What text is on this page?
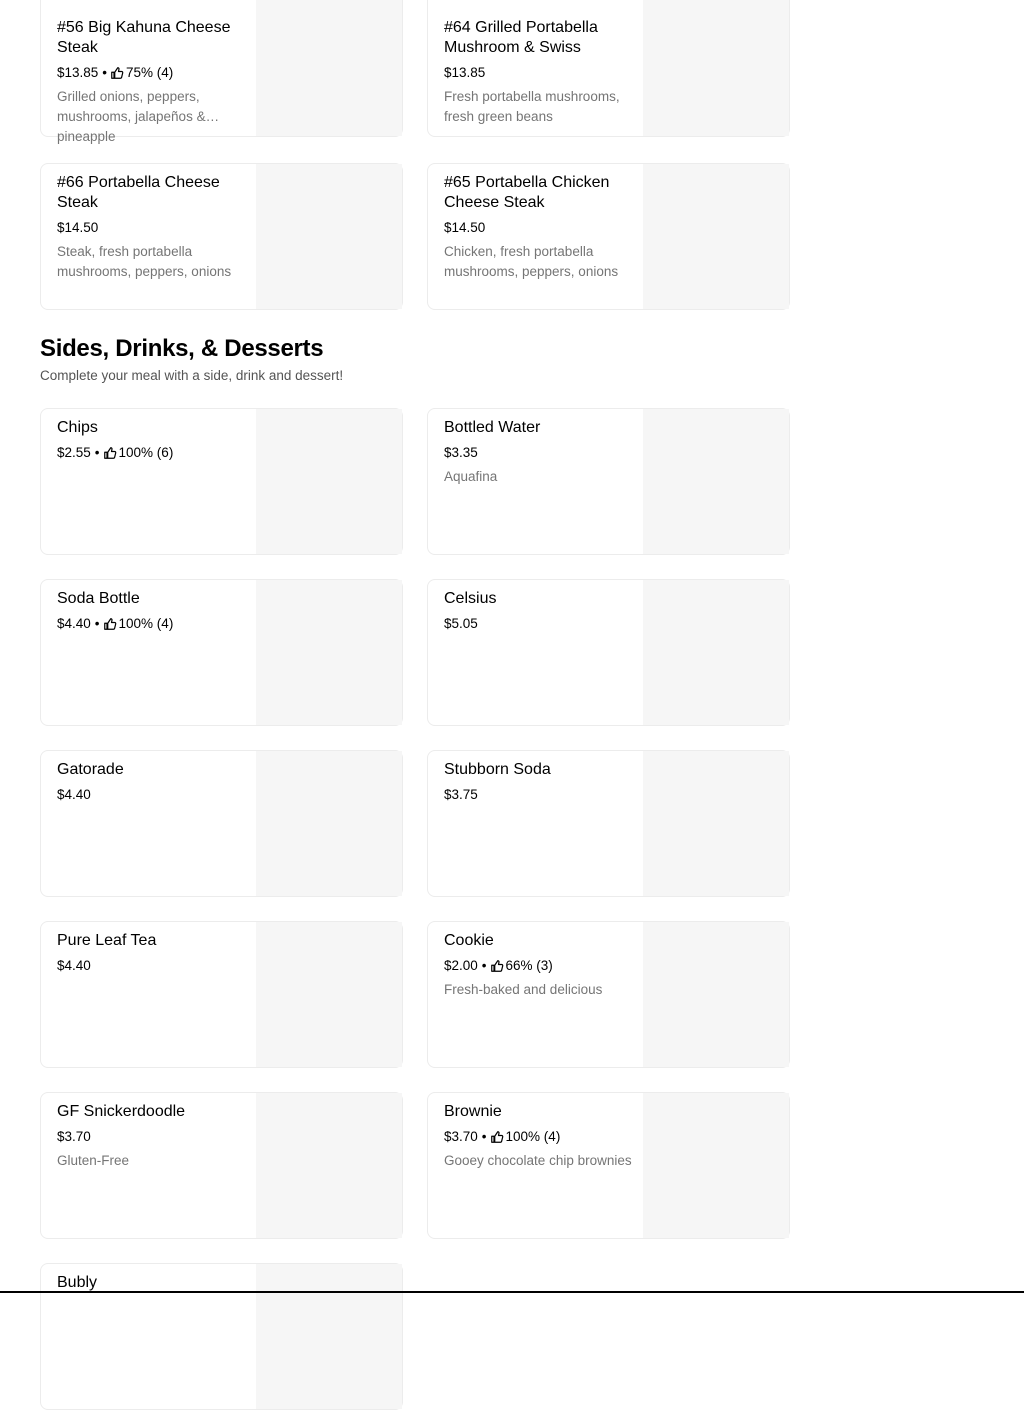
#56 Big Kahuna Cheese Steak
$13.85 • 75% (4)
Grilled onions, peppers, mushrooms, jalapeños & pineapple
#64 Grilled Portabella Mushroom & Swiss
$13.85
Fresh portabella mushrooms, fresh green beans
#66 Portabella Cheese Steak
$14.50
Steak, fresh portabella mushrooms, peppers, onions
#65 Portabella Chicken Cheese Steak
$14.50
Chicken, fresh portabella mushrooms, peppers, onions
Sides, Drinks, & Desserts
Complete your meal with a side, drink and dessert!
Chips
$2.55 • 100% (6)
Bottled Water
$3.35
Aquafina
Soda Bottle
$4.40 • 100% (4)
Celsius
$5.05
Gatorade
$4.40
Stubborn Soda
$3.75
Pure Leaf Tea
$4.40
Cookie
$2.00 • 66% (3)
Fresh-baked and delicious
GF Snickerdoodle
$3.70
Gluten-Free
Brownie
$3.70 • 100% (4)
Gooey chocolate chip brownies
Bubly
